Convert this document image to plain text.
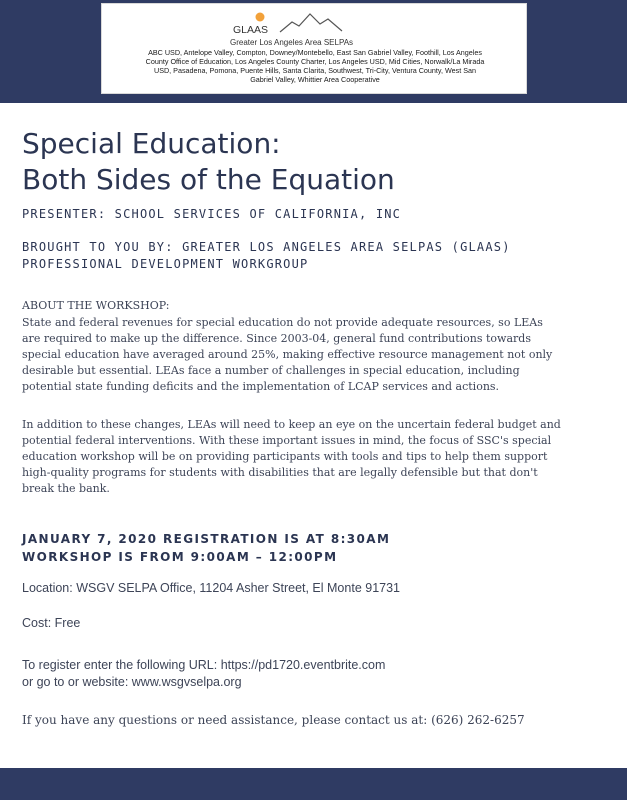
GLAAS
Greater Los Angeles Area SELPAs
ABC USD, Antelope Valley, Compton, Downey/Montebello, East San Gabriel Valley, Foothill, Los Angeles
County Office of Education, Los Angeles County Charter, Los Angeles USD, Mid Cities, Norwalk/La Mirada
USD, Pasadena, Pomona, Puente Hills, Santa Clarita, Southwest, Tri-City, Ventura County, West San
Gabriel Valley, Whittier Area Cooperative
Special Education:
Both Sides of the Equation

PRESENTER: SCHOOL SERVICES OF CALIFORNIA, INC

BROUGHT TO YOU BY: GREATER LOS ANGELES AREA SELPAS (GLAAS)
PROFESSIONAL DEVELOPMENT WORKGROUP

ABOUT THE WORKSHOP:

State and federal revenues for special education do not provide adequate resources, so LEAs
are required to make up the difference. Since 2003-04, general fund contributions towards
special education have averaged around 25%, making effective resource management not only
desirable but essential. LEAs face a number of challenges in special education, including
potential state funding deficits and the implementation of LCAP services and actions.

In addition to these changes, LEAs will need to keep an eye on the uncertain federal budget and
potential federal interventions. With these important issues in mind, the focus of SSC's special
education workshop will be on providing participants with tools and tips to help them support
high-quality programs for students with disabilities that are legally defensible but that don't
break the bank.

JANUARY 7, 2020 REGISTRATION IS AT 8:30AM
WORKSHOP IS FROM 9:00AM – 12:00PM

Location: WSGV SELPA Office, 11204 Asher Street, El Monte 91731

Cost: Free

To register enter the following URL: https://pd1720.eventbrite.com

or go to or website: www.wsgvselpa.org

If you have any questions or need assistance, please contact us at: (626) 262-6257
